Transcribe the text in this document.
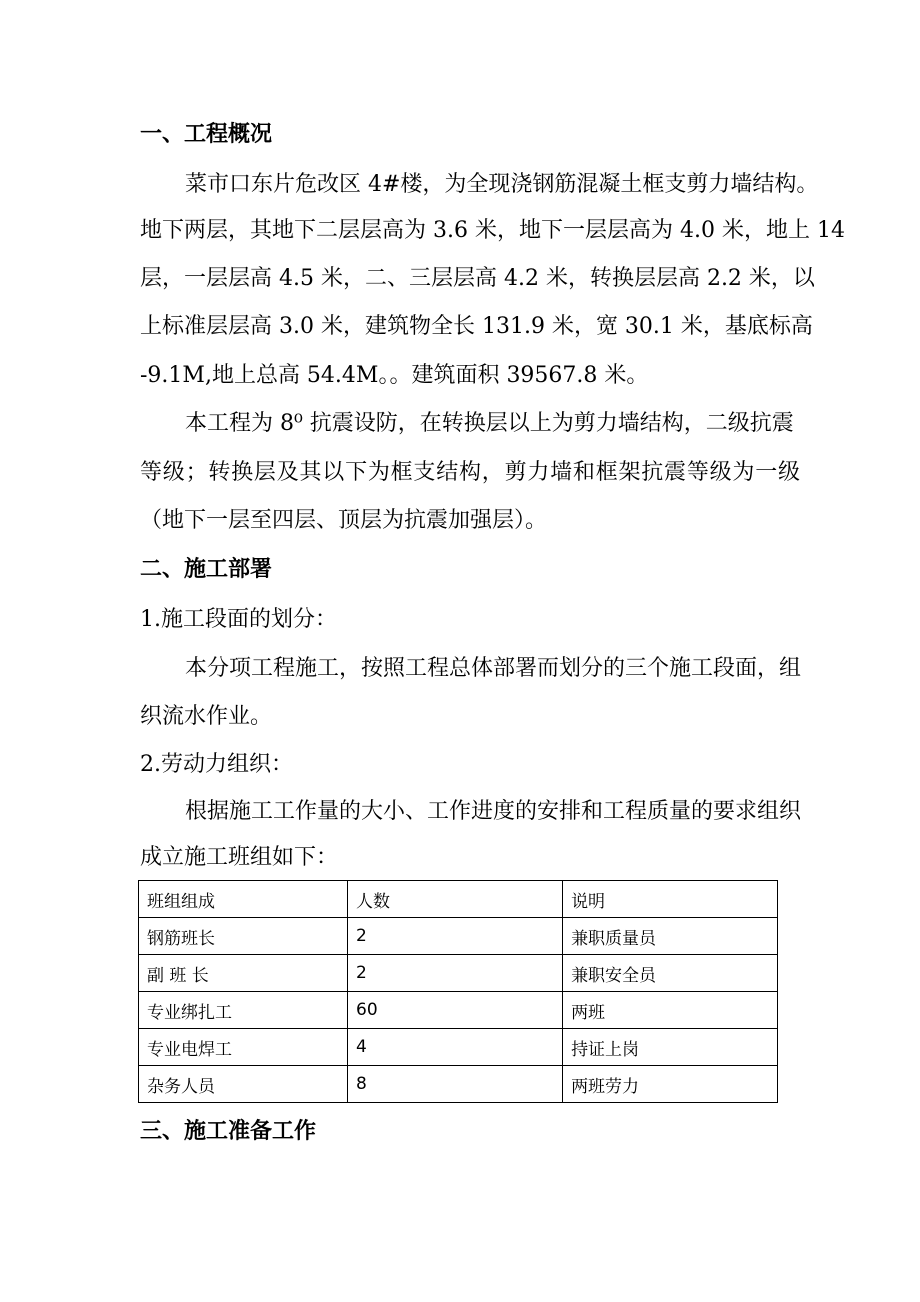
一、工程概况
菜市口东片危改区 4#楼，为全现浇钢筋混凝土框支剪力墙结构。
地下两层，其地下二层层高为 3.6 米，地下一层层高为 4.0 米，地上 14
层，一层层高 4.5 米，二、三层层高 4.2 米，转换层层高 2.2 米，以
上标准层层高 3.0 米，建筑物全长 131.9 米，宽 30.1 米，基底标高
-9.1M,地上总高 54.4M。。建筑面积 39567.8 米。
本工程为 8⁰ 抗震设防，在转换层以上为剪力墙结构，二级抗震
等级；转换层及其以下为框支结构，剪力墙和框架抗震等级为一级
（地下一层至四层、顶层为抗震加强层）。
二、施工部署
1.施工段面的划分：
本分项工程施工，按照工程总体部署而划分的三个施工段面，组
织流水作业。
2.劳动力组织：
根据施工工作量的大小、工作进度的安排和工程质量的要求组织
成立施工班组如下：
班组组成	人数	说明
钢筋班长	2	兼职质量员
副 班 长	2	兼职安全员
专业绑扎工	60	两班
专业电焊工	4	持证上岗
杂务人员	8	两班劳力
三、施工准备工作
